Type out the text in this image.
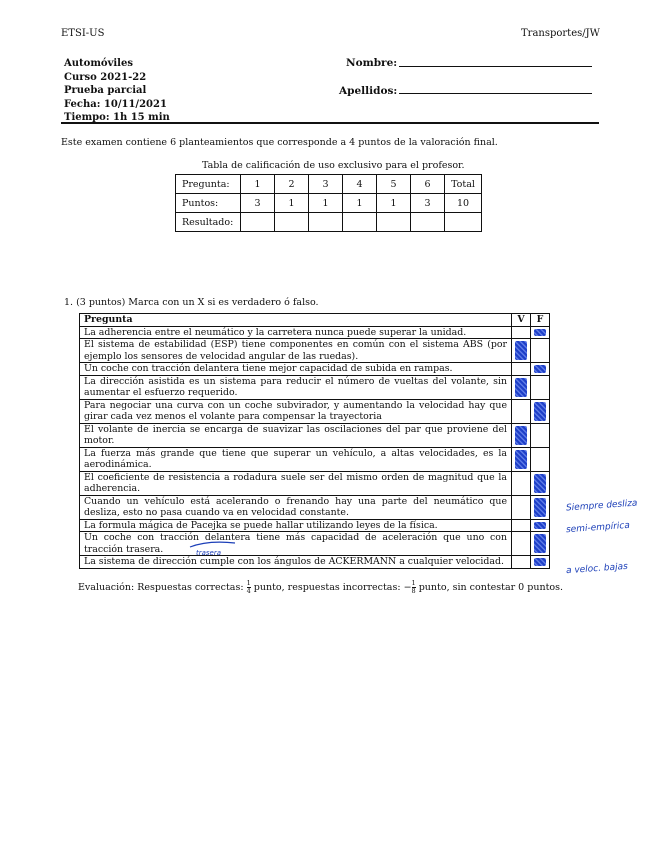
ETSI-US	Transportes/JW
Automóviles
Curso 2021-22
Prueba parcial
Fecha: 10/11/2021
Tiempo: 1h 15 min
Nombre:
Apellidos:
Este examen contiene 6 planteamientos que corresponde a 4 puntos de la valoración final.
Tabla de calificación de uso exclusivo para el profesor.
Pregunta:	1	2	3	4	5	6	Total
Puntos:	3	1	1	1	1	3	10
Resultado:							
1. (3 puntos) Marca con un X si es verdadero ó falso.
Pregunta	V	F
La adherencia entre el neumático y la carretera nunca puede superar la unidad.		

El sistema de estabilidad (ESP) tiene componentes en común con el sistema ABS (por ejemplo los sensores de velocidad angular de las ruedas).	

Un coche con tracción delantera tiene mejor capacidad de subida en rampas.		

La dirección asistida es un sistema para reducir el número de vueltas del volante, sin aumentar el esfuerzo requerido.	

Para negociar una curva con un coche subvirador, y aumentando la velocidad hay que girar cada vez menos el volante para compensar la trayectoria		

El volante de inercia se encarga de suavizar las oscilaciones del par que proviene del motor.	

La fuerza más grande que tiene que superar un vehículo, a altas velocidades, es la aerodinámica.	

El coeficiente de resistencia a rodadura suele ser del mismo orden de magnitud que la adherencia.		

Cuando un vehículo está acelerando o frenando hay una parte del neumático que desliza, esto no pasa cuando va en velocidad constante.		

La formula mágica de Pacejka se puede hallar utilizando leyes de la física.		

Un coche con tracción delantera tiene más capacidad de aceleración que uno con tracción trasera.		

La sistema de dirección cumple con los ángulos de ACKERMANN a cualquier velocidad.		
Evaluación: Respuestas correctas: $\frac{1}{4}$ punto, respuestas incorrectas: − $\frac{1}{8}$ punto, sin contestar 0 puntos.
Siempre desliza
semi-empírica
a veloc. bajas
trasera
